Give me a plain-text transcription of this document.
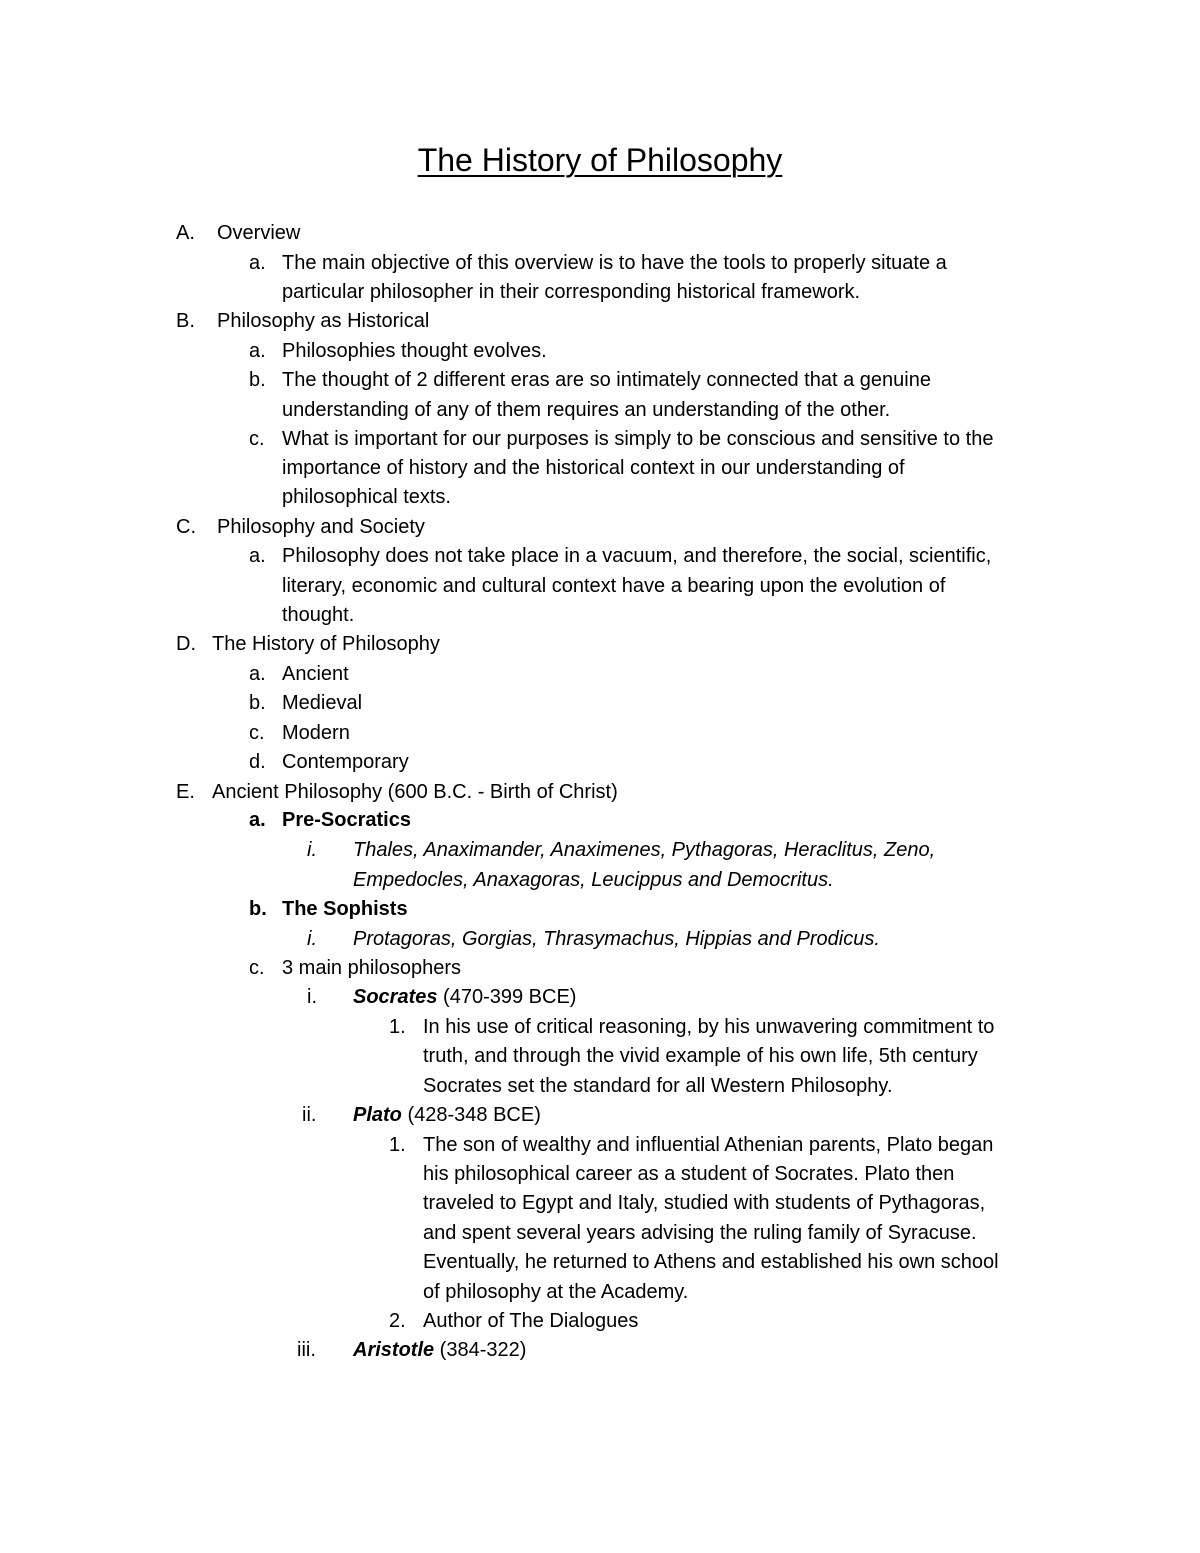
The History of Philosophy
A. Overview
a. The main objective of this overview is to have the tools to properly situate a
particular philosopher in their corresponding historical framework.
B. Philosophy as Historical
a. Philosophies thought evolves.
b. The thought of 2 different eras are so intimately connected that a genuine
understanding of any of them requires an understanding of the other.
c. What is important for our purposes is simply to be conscious and sensitive to the
importance of history and the historical context in our understanding of
philosophical texts.
C. Philosophy and Society
a. Philosophy does not take place in a vacuum, and therefore, the social, scientific,
literary, economic and cultural context have a bearing upon the evolution of
thought.
D. The History of Philosophy
a. Ancient
b. Medieval
c. Modern
d. Contemporary
E. Ancient Philosophy (600 B.C. - Birth of Christ)
a. Pre-Socratics
i. Thales, Anaximander, Anaximenes, Pythagoras, Heraclitus, Zeno,
Empedocles, Anaxagoras, Leucippus and Democritus.
b. The Sophists
i. Protagoras, Gorgias, Thrasymachus, Hippias and Prodicus.
c. 3 main philosophers
i. Socrates (470-399 BCE)
1. In his use of critical reasoning, by his unwavering commitment to
truth, and through the vivid example of his own life, 5th century
Socrates set the standard for all Western Philosophy.
ii. Plato (428-348 BCE)
1. The son of wealthy and influential Athenian parents, Plato began
his philosophical career as a student of Socrates. Plato then
traveled to Egypt and Italy, studied with students of Pythagoras,
and spent several years advising the ruling family of Syracuse.
Eventually, he returned to Athens and established his own school
of philosophy at the Academy.
2. Author of The Dialogues
iii. Aristotle (384-322)
